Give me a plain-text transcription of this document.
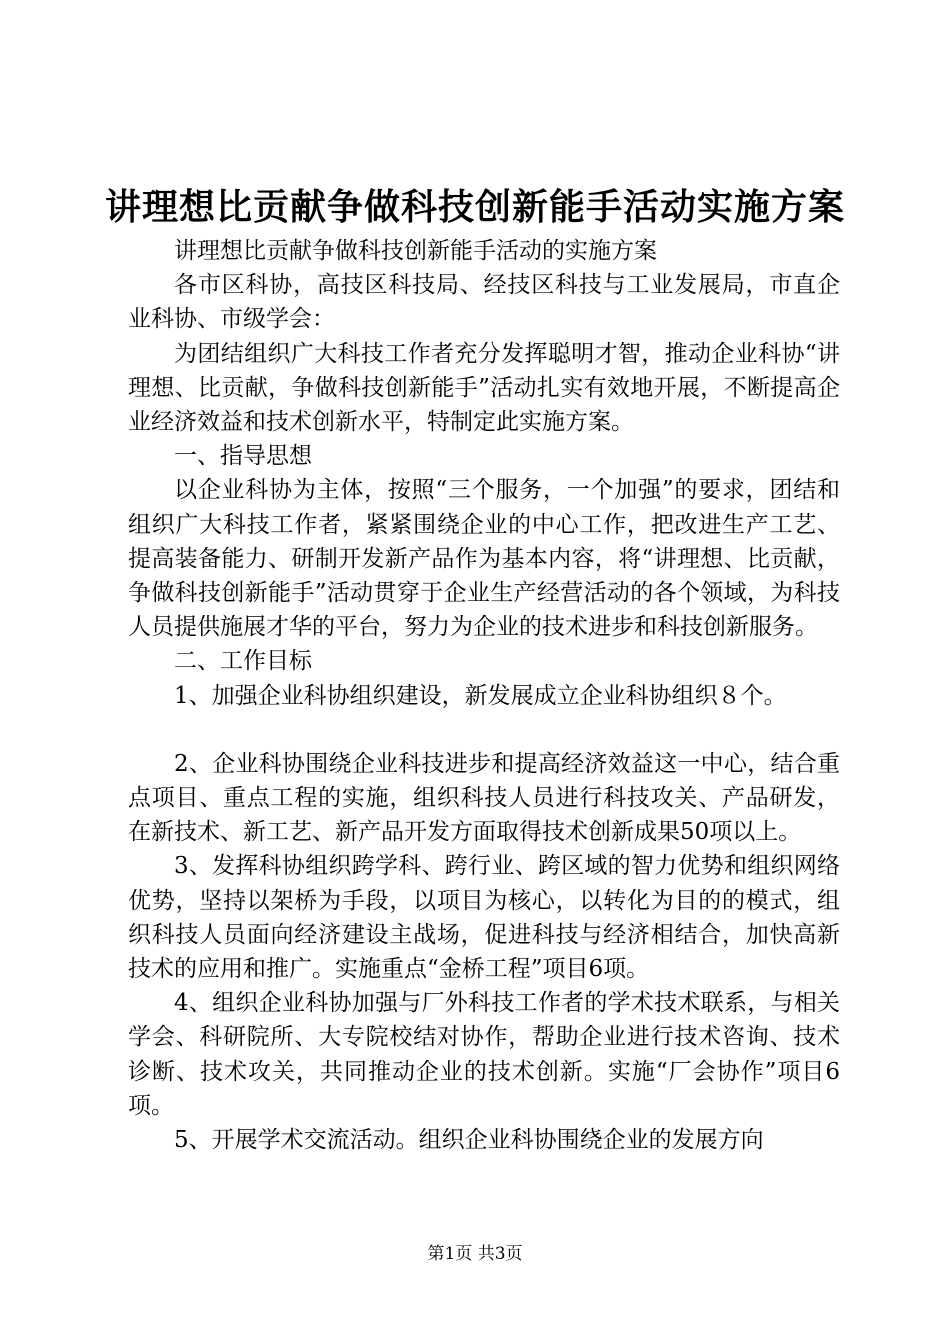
讲理想比贡献争做科技创新能手活动实施方案

讲理想比贡献争做科技创新能手活动的实施方案

各市区科协，高技区科技局、经技区科技与工业发展局，市直企业科协、市级学会：

为团结组织广大科技工作者充分发挥聪明才智，推动企业科协“讲理想、比贡献，争做科技创新能手”活动扎实有效地开展，不断提高企业经济效益和技术创新水平，特制定此实施方案。

一、指导思想

以企业科协为主体，按照“三个服务，一个加强”的要求，团结和组织广大科技工作者，紧紧围绕企业的中心工作，把改进生产工艺、提高装备能力、研制开发新产品作为基本内容，将“讲理想、比贡献，争做科技创新能手”活动贯穿于企业生产经营活动的各个领域，为科技人员提供施展才华的平台，努力为企业的技术进步和科技创新服务。

二、工作目标

1、加强企业科协组织建设，新发展成立企业科协组织８个。

2、企业科协围绕企业科技进步和提高经济效益这一中心，结合重点项目、重点工程的实施，组织科技人员进行科技攻关、产品研发，在新技术、新工艺、新产品开发方面取得技术创新成果50项以上。

3、发挥科协组织跨学科、跨行业、跨区域的智力优势和组织网络优势，坚持以架桥为手段，以项目为核心，以转化为目的的模式，组织科技人员面向经济建设主战场，促进科技与经济相结合，加快高新技术的应用和推广。实施重点“金桥工程”项目6项。

4、组织企业科协加强与厂外科技工作者的学术技术联系，与相关学会、科研院所、大专院校结对协作，帮助企业进行技术咨询、技术诊断、技术攻关，共同推动企业的技术创新。实施“厂会协作”项目6项。

5、开展学术交流活动。组织企业科协围绕企业的发展方向

第1页 共3页
